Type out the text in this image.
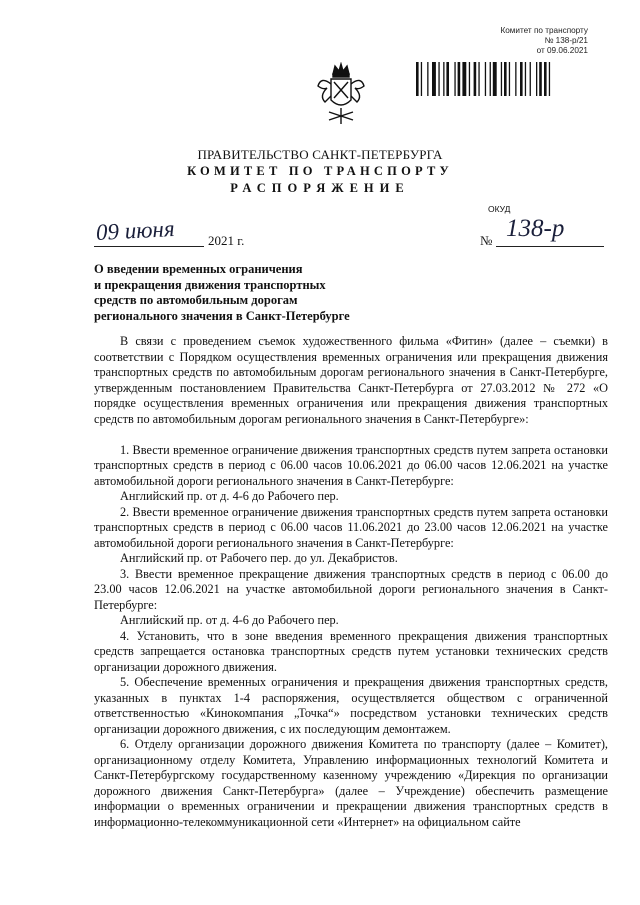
Комитет по транспорту
№ 138-р/21
от 09.06.2021
ПРАВИТЕЛЬСТВО САНКТ-ПЕТЕРБУРГА
КОМИТЕТ ПО ТРАНСПОРТУ
РАСПОРЯЖЕНИЕ
ОКУД
09 июня	2021 г.	№ 138-р
О введении временных ограничения
и прекращения движения транспортных
средств по автомобильным дорогам
регионального значения в Санкт-Петербурге

В связи с проведением съемок художественного фильма «Фитин» (далее – съемки) в соответствии с Порядком осуществления временных ограничения или прекращения движения транспортных средств по автомобильным дорогам регионального значения в Санкт-Петербурге, утвержденным постановлением Правительства Санкт-Петербурга от 27.03.2012 № 272 «О порядке осуществления временных ограничения или прекращения движения транспортных средств по автомобильным дорогам регионального значения в Санкт-Петербурге»:

1. Ввести временное ограничение движения транспортных средств путем запрета остановки транспортных средств в период с 06.00 часов 10.06.2021 до 06.00 часов 12.06.2021 на участке автомобильной дороги регионального значения в Санкт-Петербурге:

Английский пр. от д. 4-6 до Рабочего пер.

2. Ввести временное ограничение движения транспортных средств путем запрета остановки транспортных средств в период с 06.00 часов 11.06.2021 до 23.00 часов 12.06.2021 на участке автомобильной дороги регионального значения в Санкт-Петербурге:

Английский пр. от Рабочего пер. до ул. Декабристов.

3. Ввести временное прекращение движения транспортных средств в период с 06.00 до 23.00 часов 12.06.2021 на участке автомобильной дороги регионального значения в Санкт-Петербурге:

Английский пр. от д. 4-6 до Рабочего пер.

4. Установить, что в зоне введения временного прекращения движения транспортных средств запрещается остановка транспортных средств путем установки технических средств организации дорожного движения.

5. Обеспечение временных ограничения и прекращения движения транспортных средств, указанных в пунктах 1-4 распоряжения, осуществляется обществом с ограниченной ответственностью «Кинокомпания „Точка“» посредством установки технических средств организации дорожного движения, с их последующим демонтажем.

6. Отделу организации дорожного движения Комитета по транспорту (далее – Комитет), организационному отделу Комитета, Управлению информационных технологий Комитета и Санкт-Петербургскому государственному казенному учреждению «Дирекция по организации дорожного движения Санкт-Петербурга» (далее – Учреждение) обеспечить размещение информации о временных ограничении и прекращении движения транспортных средств в информационно-телекоммуникационной сети «Интернет» на официальном сайте
